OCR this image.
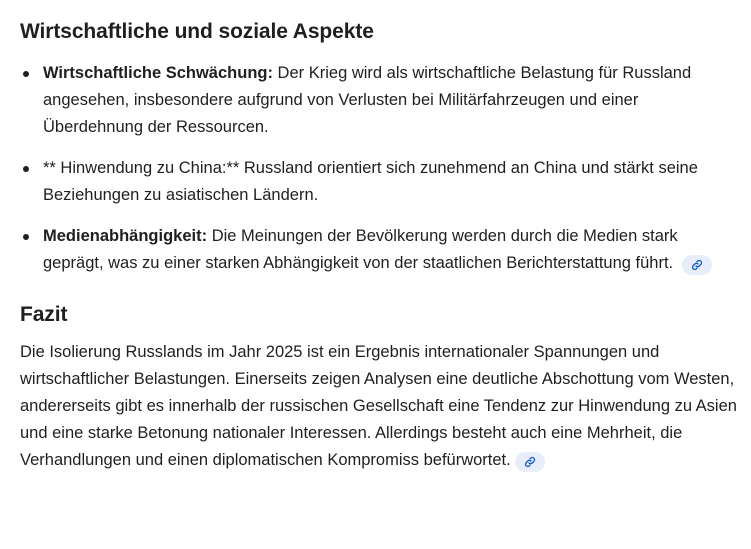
Wirtschaftliche und soziale Aspekte
Wirtschaftliche Schwächung: Der Krieg wird als wirtschaftliche Belastung für Russland angesehen, insbesondere aufgrund von Verlusten bei Militärfahrzeugen und einer Überdehnung der Ressourcen.
** Hinwendung zu China:** Russland orientiert sich zunehmend an China und stärkt seine Beziehungen zu asiatischen Ländern.
Medienabhängigkeit: Die Meinungen der Bevölkerung werden durch die Medien stark geprägt, was zu einer starken Abhängigkeit von der staatlichen Berichterstattung führt.
Fazit

Die Isolierung Russlands im Jahr 2025 ist ein Ergebnis internationaler Spannungen und wirtschaftlicher Belastungen. Einerseits zeigen Analysen eine deutliche Abschottung vom Westen, andererseits gibt es innerhalb der russischen Gesellschaft eine Tendenz zur Hinwendung zu Asien und eine starke Betonung nationaler Interessen. Allerdings besteht auch eine Mehrheit, die Verhandlungen und einen diplomatischen Kompromiss befürwortet.
